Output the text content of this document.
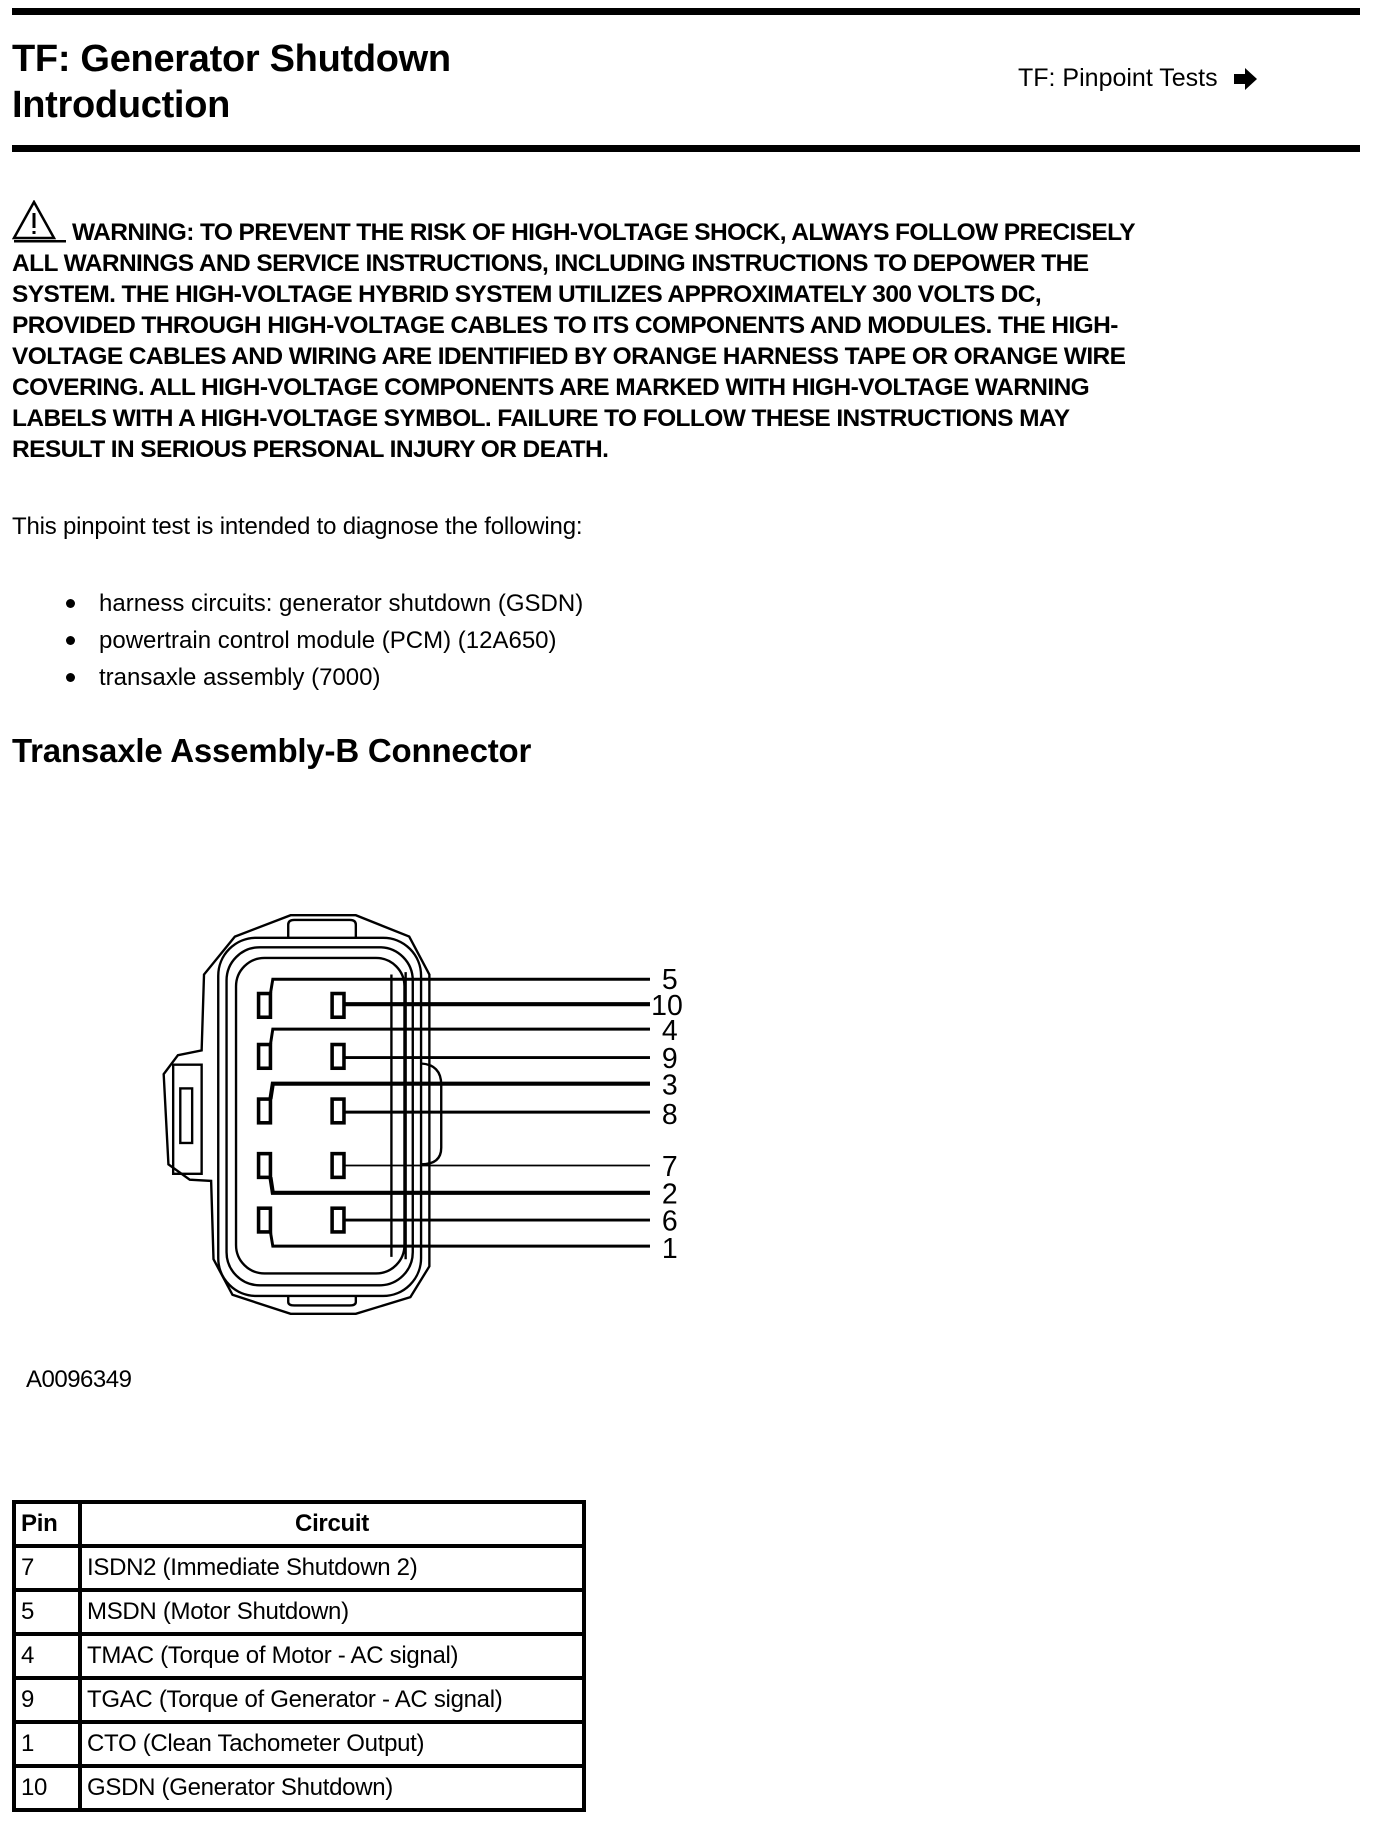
TF: Generator Shutdown
Introduction
TF: Pinpoint Tests
WARNING: TO PREVENT THE RISK OF HIGH-VOLTAGE SHOCK, ALWAYS FOLLOW PRECISELY
ALL WARNINGS AND SERVICE INSTRUCTIONS, INCLUDING INSTRUCTIONS TO DEPOWER THE
SYSTEM. THE HIGH-VOLTAGE HYBRID SYSTEM UTILIZES APPROXIMATELY 300 VOLTS DC,
PROVIDED THROUGH HIGH-VOLTAGE CABLES TO ITS COMPONENTS AND MODULES. THE HIGH-
VOLTAGE CABLES AND WIRING ARE IDENTIFIED BY ORANGE HARNESS TAPE OR ORANGE WIRE
COVERING. ALL HIGH-VOLTAGE COMPONENTS ARE MARKED WITH HIGH-VOLTAGE WARNING
LABELS WITH A HIGH-VOLTAGE SYMBOL. FAILURE TO FOLLOW THESE INSTRUCTIONS MAY
RESULT IN SERIOUS PERSONAL INJURY OR DEATH.
This pinpoint test is intended to diagnose the following:
harness circuits: generator shutdown (GSDN)
powertrain control module (PCM) (12A650)
transaxle assembly (7000)
Transaxle Assembly-B Connector
5
10
4
9
3
8
7
2
6
1
A0096349
Pin	Circuit
7	ISDN2 (Immediate Shutdown 2)
5	MSDN (Motor Shutdown)
4	TMAC (Torque of Motor - AC signal)
9	TGAC (Torque of Generator - AC signal)
1	CTO (Clean Tachometer Output)
10	GSDN (Generator Shutdown)
